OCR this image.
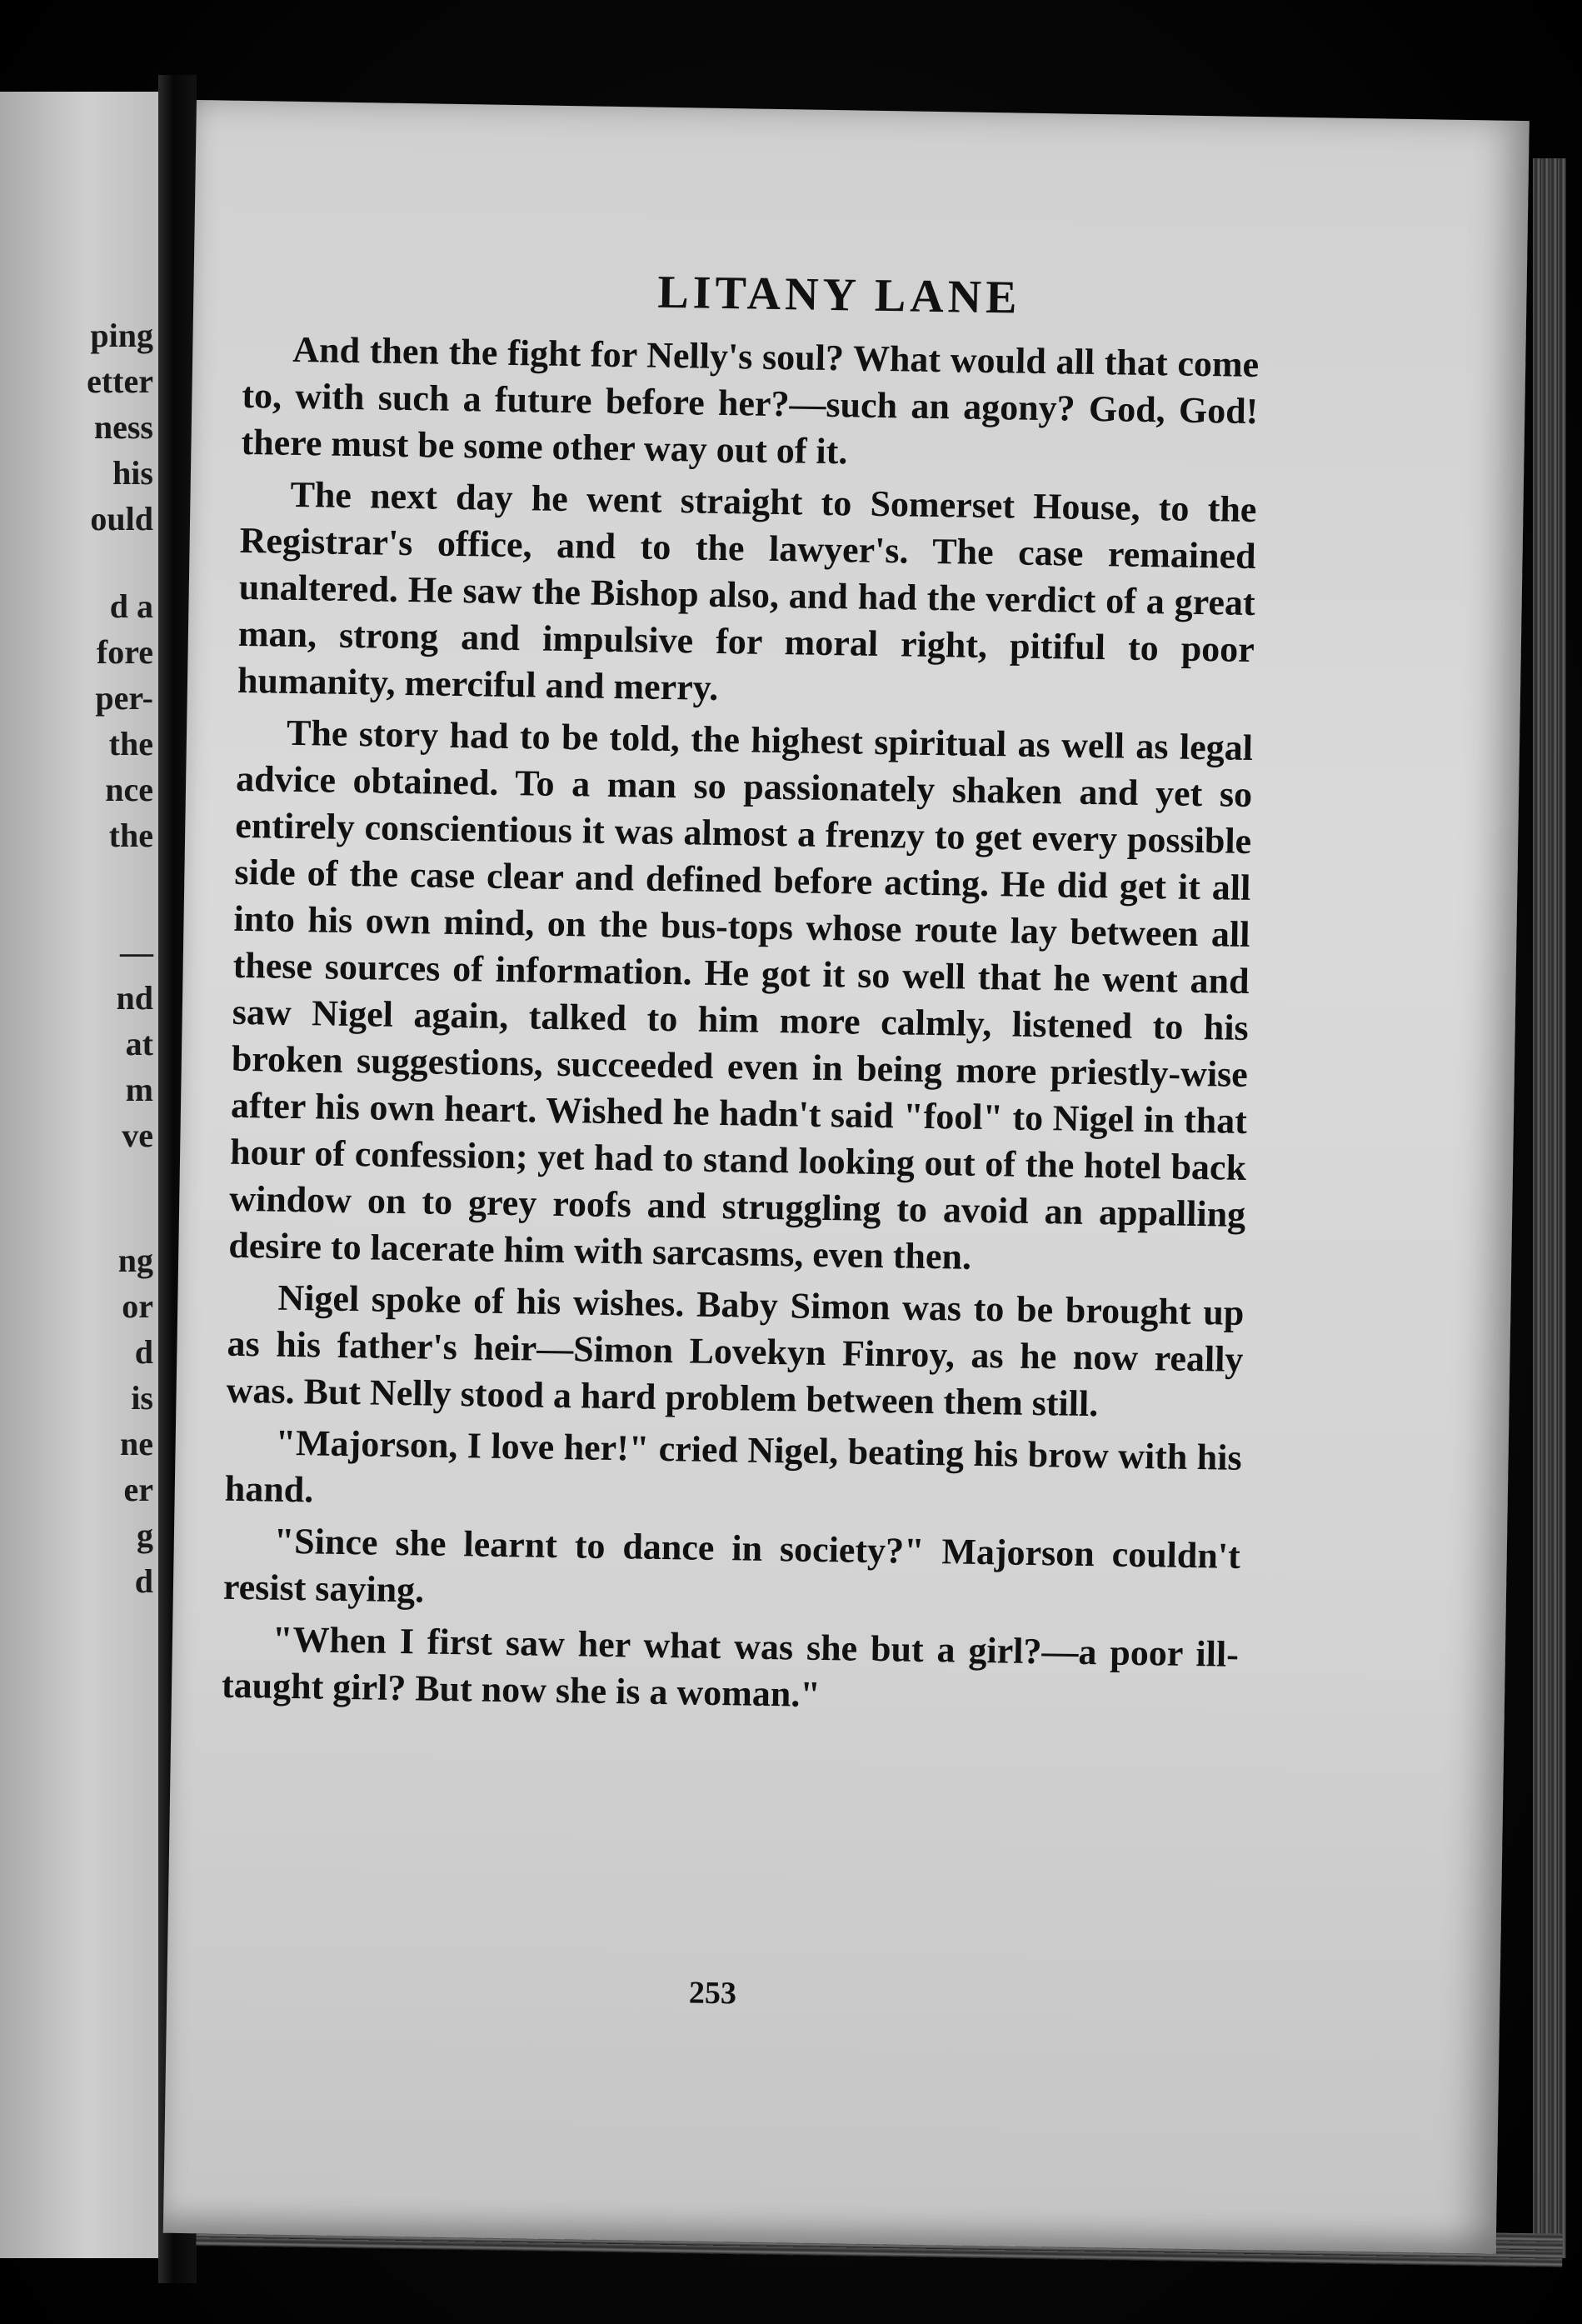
ping
etter
ness
his
ould
d a
fore
per-
the
nce
the
—
nd
at
m
ve
ng
or
d
is
ne
er
g
d
LITANY LANE

And then the fight for Nelly's soul? What would all that come to, with such a future before her?—such an agony? God, God! there must be some other way out of it.

The next day he went straight to Somerset House, to the Registrar's office, and to the lawyer's. The case remained unaltered. He saw the Bishop also, and had the verdict of a great man, strong and impulsive for moral right, pitiful to poor humanity, merciful and merry.

The story had to be told, the highest spiritual as well as legal advice obtained. To a man so passionately shaken and yet so entirely conscientious it was almost a frenzy to get every possible side of the case clear and defined before acting. He did get it all into his own mind, on the bus-tops whose route lay between all these sources of information. He got it so well that he went and saw Nigel again, talked to him more calmly, listened to his broken suggestions, succeeded even in being more priestly-wise after his own heart. Wished he hadn't said "fool" to Nigel in that hour of confession; yet had to stand looking out of the hotel back window on to grey roofs and struggling to avoid an appalling desire to lacerate him with sarcasms, even then.

Nigel spoke of his wishes. Baby Simon was to be brought up as his father's heir—Simon Lovekyn Finroy, as he now really was. But Nelly stood a hard problem between them still.

"Majorson, I love her!" cried Nigel, beating his brow with his hand.

"Since she learnt to dance in society?" Majorson couldn't resist saying.

"When I first saw her what was she but a girl?—a poor ill-taught girl? But now she is a woman."

253
